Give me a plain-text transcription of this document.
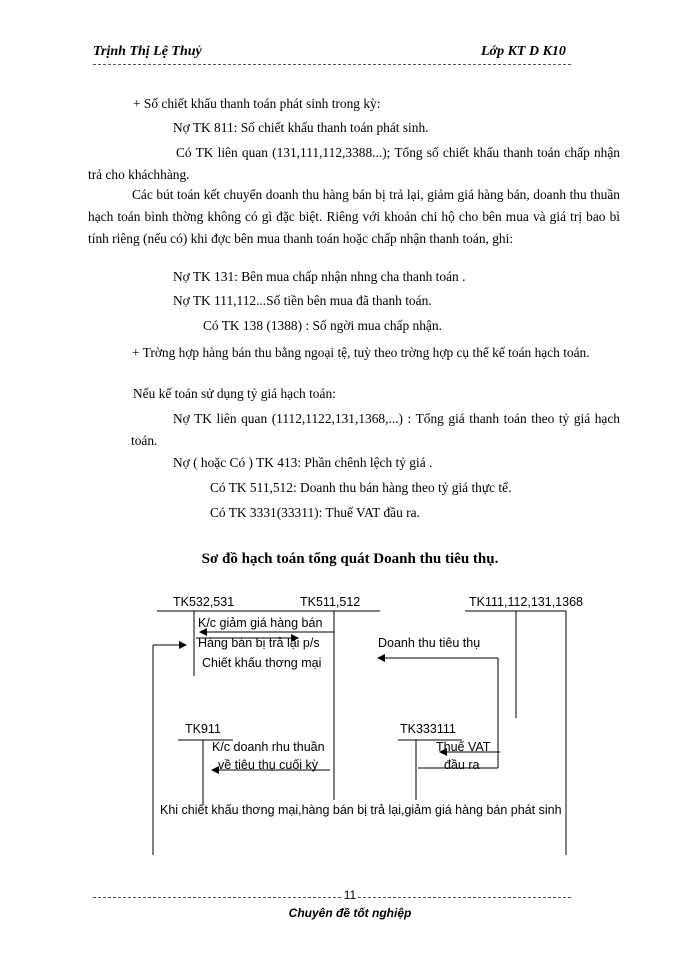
Trịnh Thị Lệ Thuỷ	Lớp KT D K10
+ Số chiết khấu thanh toán phát sinh trong kỳ:
Nợ TK 811: Số chiết khấu thanh toán phát sinh.
Có TK liên quan (131,111,112,3388...); Tổng số chiết khấu thanh toán chấp nhận trả cho kháchhàng.
Các bút toán kết chuyển doanh thu hàng bán bị trả lại, giảm giá hàng bán, doanh thu thuần hạch toán bình thờng không có gì đặc biệt. Riêng với khoản chi hộ cho bên mua và giá trị bao bì tính riêng (nếu có) khi đợc bên mua thanh toán hoặc chấp nhận thanh toán, ghi:
Nợ TK 131: Bên mua chấp nhận nhng cha thanh toán .
Nợ TK 111,112...Số tiền bên mua đã thanh toán.
Có TK 138 (1388) : Số ngời mua chấp nhận.
+ Trờng hợp hàng bán thu bằng ngoại tệ, tuỳ theo trờng hợp cụ thể kế toán hạch toán.
Nếu kế toán sử dụng tỷ giá hạch toán:
Nợ TK liên quan (1112,1122,131,1368,...) : Tổng giá thanh toán theo tỷ giá hạch toán.
Nợ ( hoặc Có ) TK 413: Phần chênh lệch tỷ giá .
Có TK 511,512: Doanh thu bán hàng theo tỷ giá thực tế.
Có TK 3331(33311): Thuế VAT đầu ra.
Sơ đồ hạch toán tổng quát Doanh thu tiêu thụ.
TK532,531	TK511,512	TK111,112,131,1368
K/c giảm giá hàng bán
Hàng bán bị trả lại p/s
Chiết khấu thơng mại
Doanh thu tiêu thụ
TK911	TK333111
K/c doanh rhu thuần
về tiêu thụ cuối kỳ
Thuế VAT
đầu ra
Khi chiết khấu thơng mại,hàng bán bị trả lại,giảm giá hàng bán phát sinh
11
Chuyên đề tốt nghiệp
